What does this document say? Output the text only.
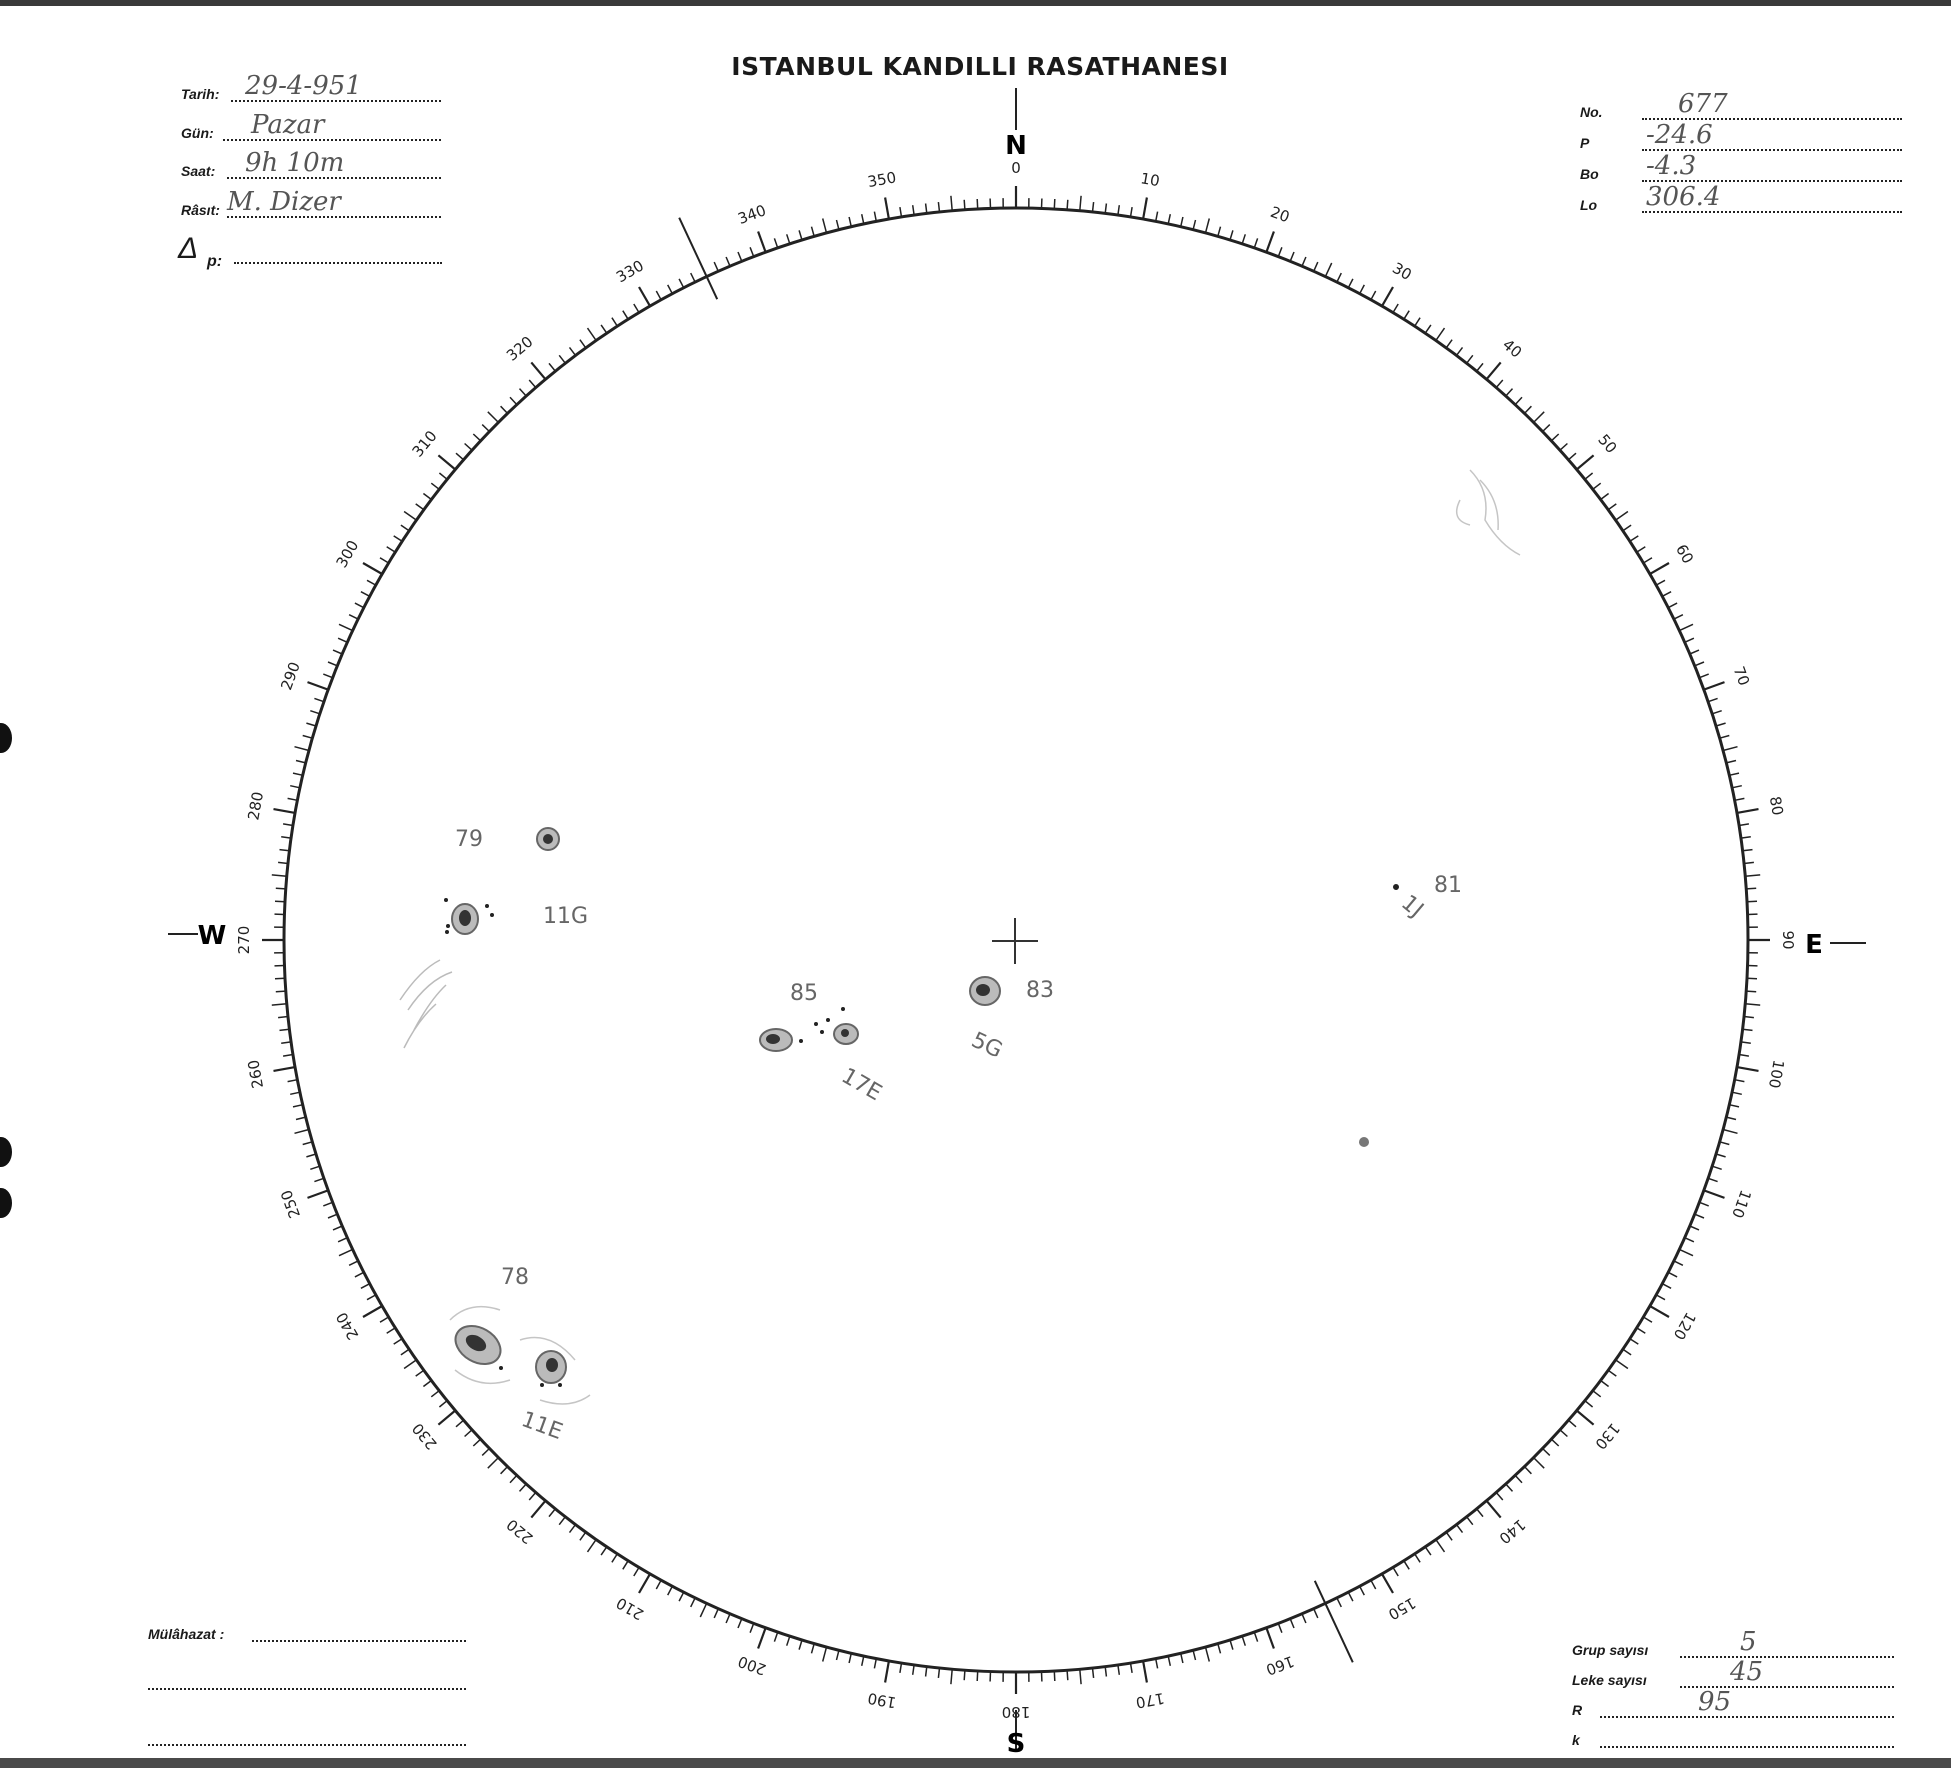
ISTANBUL KANDILLI RASATHANESI
Tarih: 29-4-951
Gün: Pazar
Saat: 9h 10m
Râsıt: M. Dizer
Δ p:
No.	677
P -24.6
Bo -4.3
Lo 306.4
0
10
20
30
40
50
60
70
80
90
100
110
120
130
140
150
160
170
180
190
200
210
220
230
240
250
260
270
280
290
300
310
320
330
340
350
N
S
W	E
79
11G
85
17E
83
5G
81
1J
78
11E
Mülâhazat :
Grup sayısı	5
Leke sayısı	45
R	95
k
